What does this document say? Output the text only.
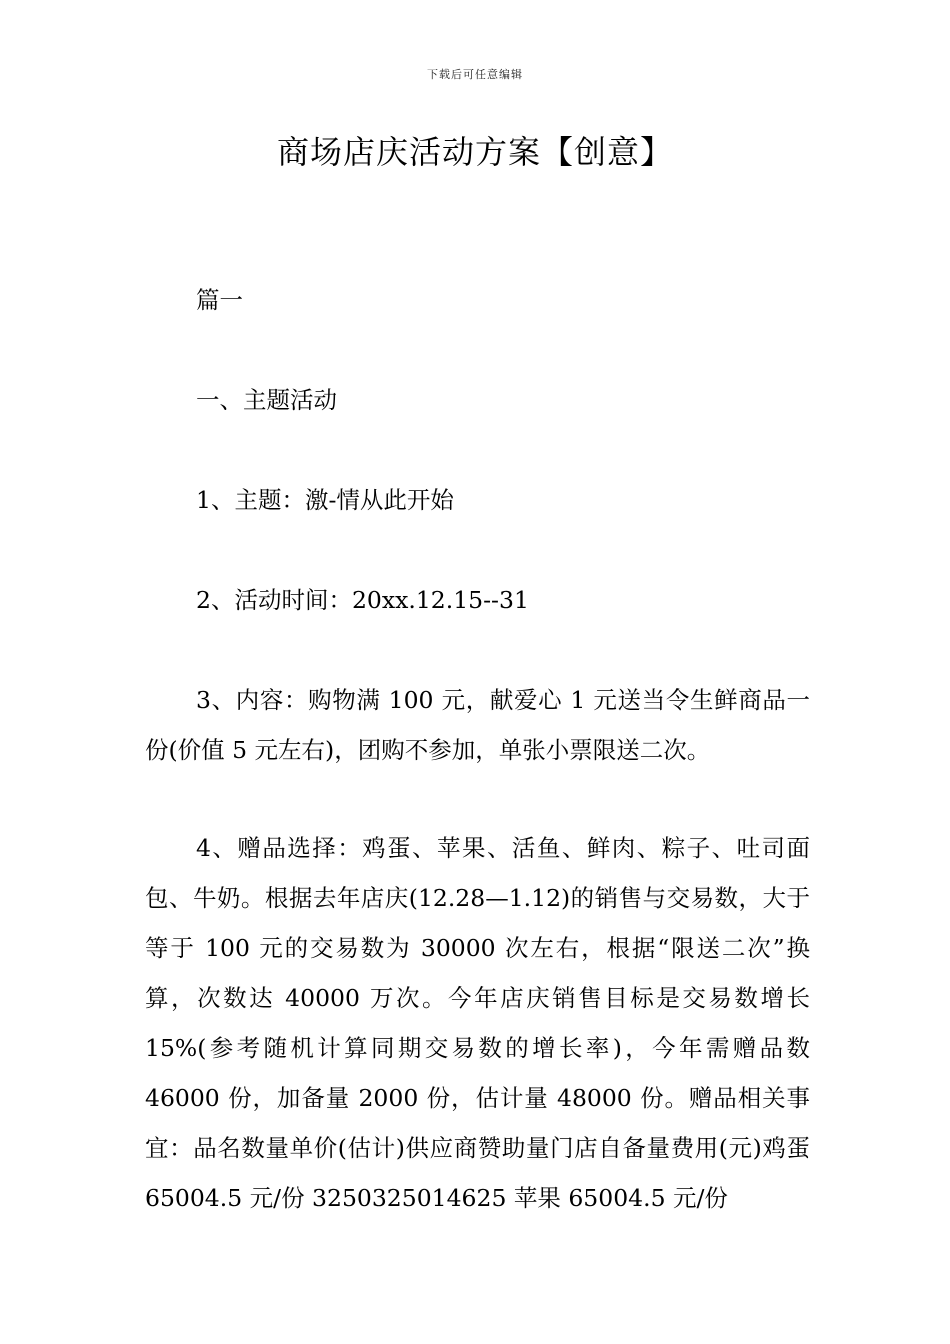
下载后可任意编辑
商场店庆活动方案【创意】

篇一

一、主题活动

1、主题：激-情从此开始

2、活动时间：20xx.12.15--31

3、内容：购物满 100 元，献爱心 1 元送当令生鲜商品一份(价值 5 元左右)，团购不参加，单张小票限送二次。

4、赠品选择：鸡蛋、苹果、活鱼、鲜肉、粽子、吐司面包、牛奶。根据去年店庆(12.28—1.12)的销售与交易数，大于等于 100 元的交易数为 30000 次左右，根据“限送二次”换算，次数达 40000 万次。今年店庆销售目标是交易数增长 15%(参考随机计算同期交易数的增长率)，今年需赠品数 46000 份，加备量 2000 份，估计量 48000 份。赠品相关事宜：品名数量单价(估计)供应商赞助量门店自备量费用(元)鸡蛋 65004.5 元/份 3250325014625 苹果 65004.5 元/份
